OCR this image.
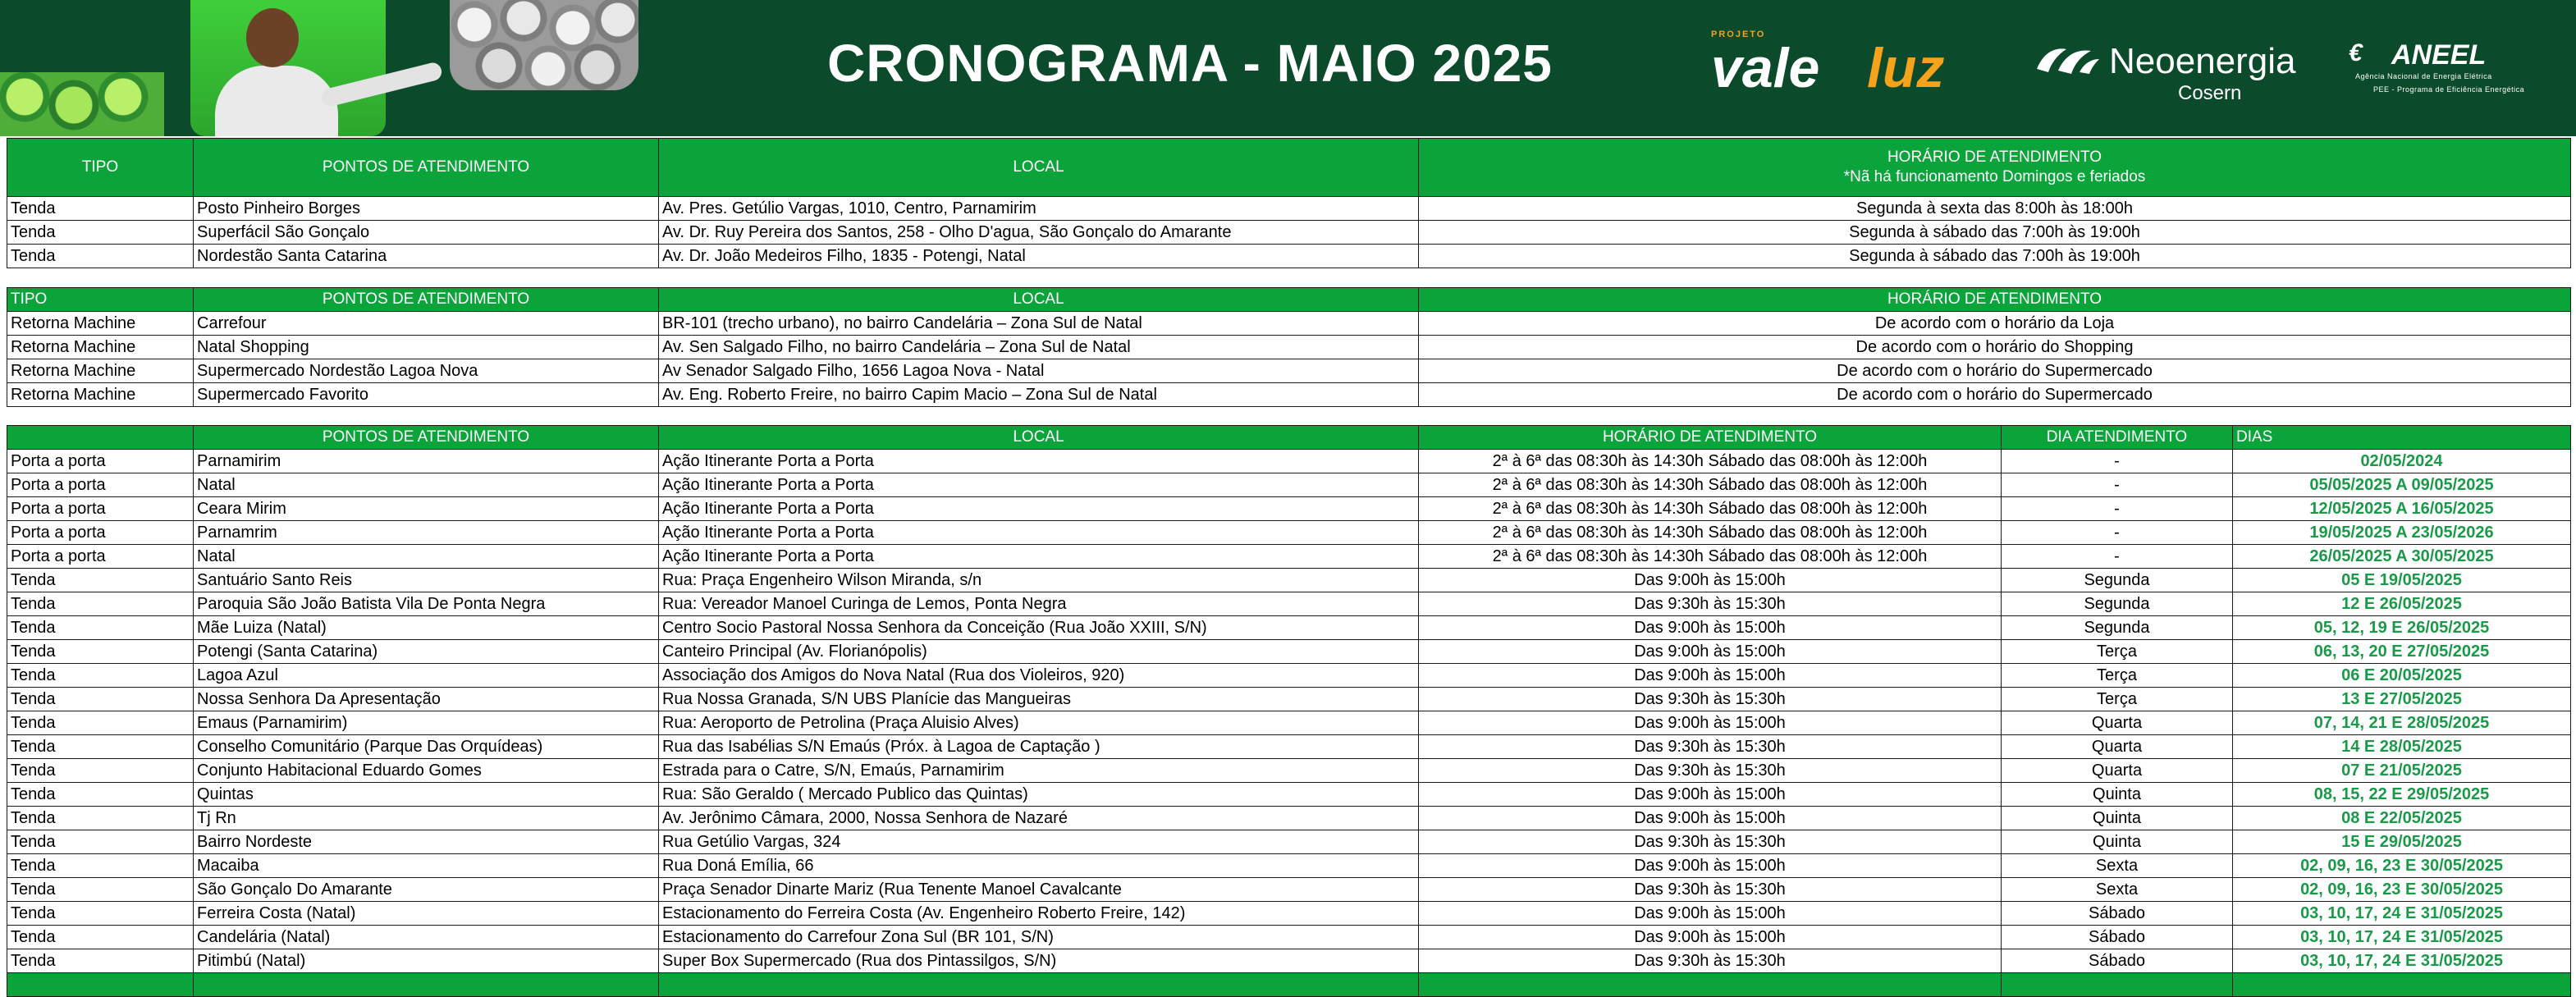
CRONOGRAMA - MAIO 2025	vale luz
PROJETO
Neoenergia
Cosern
€ ANEEL
Agência Nacional de Energia Elétrica
PEE - Programa de Eficiência Energética
TIPO	PONTOS DE ATENDIMENTO	LOCAL	HORÁRIO DE ATENDIMENTO
*Nã há funcionamento Domingos e feriados

Tenda	Posto Pinheiro Borges	Av. Pres. Getúlio Vargas, 1010, Centro, Parnamirim	Segunda à sexta das 8:00h às 18:00h
Tenda	Superfácil São Gonçalo	Av. Dr. Ruy Pereira dos Santos, 258 - Olho D'agua, São Gonçalo do Amarante	Segunda à sábado das 7:00h às 19:00h
Tenda	Nordestão Santa Catarina	Av. Dr. João Medeiros Filho, 1835 - Potengi, Natal	Segunda à sábado das 7:00h às 19:00h
TIPO	PONTOS DE ATENDIMENTO	LOCAL	HORÁRIO DE ATENDIMENTO
Retorna Machine	Carrefour	BR-101 (trecho urbano), no bairro Candelária – Zona Sul de Natal	De acordo com o horário da Loja
Retorna Machine	Natal Shopping	Av. Sen Salgado Filho, no bairro Candelária – Zona Sul de Natal	De acordo com o horário do Shopping
Retorna Machine	Supermercado Nordestão Lagoa Nova	Av Senador Salgado Filho, 1656 Lagoa Nova - Natal	De acordo com o horário do Supermercado
Retorna Machine	Supermercado Favorito	Av. Eng. Roberto Freire, no bairro Capim Macio – Zona Sul de Natal	De acordo com o horário do Supermercado
	PONTOS DE ATENDIMENTO	LOCAL	HORÁRIO DE ATENDIMENTO	DIA ATENDIMENTO	DIAS
Porta a porta	Parnamirim	Ação Itinerante Porta a Porta	2ª à 6ª das 08:30h às 14:30h Sábado das 08:00h às 12:00h	-	02/05/2024
Porta a porta	Natal	Ação Itinerante Porta a Porta	2ª à 6ª das 08:30h às 14:30h Sábado das 08:00h às 12:00h	-	05/05/2025 A 09/05/2025
Porta a porta	Ceara Mirim	Ação Itinerante Porta a Porta	2ª à 6ª das 08:30h às 14:30h Sábado das 08:00h às 12:00h	-	12/05/2025 A 16/05/2025
Porta a porta	Parnamrim	Ação Itinerante Porta a Porta	2ª à 6ª das 08:30h às 14:30h Sábado das 08:00h às 12:00h	-	19/05/2025 A 23/05/2026
Porta a porta	Natal	Ação Itinerante Porta a Porta	2ª à 6ª das 08:30h às 14:30h Sábado das 08:00h às 12:00h	-	26/05/2025 A 30/05/2025
Tenda	Santuário Santo Reis	Rua: Praça Engenheiro Wilson Miranda, s/n	Das 9:00h às 15:00h	Segunda	05 E 19/05/2025
Tenda	Paroquia São João Batista Vila De Ponta Negra	Rua: Vereador Manoel Curinga de Lemos, Ponta Negra	Das 9:30h às 15:30h	Segunda	12 E 26/05/2025
Tenda	Mãe Luiza (Natal)	Centro Socio Pastoral Nossa Senhora da Conceição (Rua João XXIII, S/N)	Das 9:00h às 15:00h	Segunda	05, 12, 19 E 26/05/2025
Tenda	Potengi (Santa Catarina)	Canteiro Principal (Av. Florianópolis)	Das 9:00h às 15:00h	Terça	06, 13, 20 E 27/05/2025
Tenda	Lagoa Azul	Associação dos Amigos do Nova Natal (Rua dos Violeiros, 920)	Das 9:00h às 15:00h	Terça	06 E 20/05/2025
Tenda	Nossa Senhora Da Apresentação	Rua Nossa Granada, S/N UBS Planície das Mangueiras	Das 9:30h às 15:30h	Terça	13 E 27/05/2025
Tenda	Emaus (Parnamirim)	Rua: Aeroporto de Petrolina (Praça Aluisio Alves)	Das 9:00h às 15:00h	Quarta	07, 14, 21 E 28/05/2025
Tenda	Conselho Comunitário (Parque Das Orquídeas)	Rua das Isabélias S/N Emaús (Próx. à Lagoa de Captação )	Das 9:30h às 15:30h	Quarta	14 E 28/05/2025
Tenda	Conjunto Habitacional Eduardo Gomes	Estrada para o Catre, S/N, Emaús, Parnamirim	Das 9:30h às 15:30h	Quarta	07 E 21/05/2025
Tenda	Quintas	Rua: São Geraldo ( Mercado Publico das Quintas)	Das 9:00h às 15:00h	Quinta	08, 15, 22 E 29/05/2025
Tenda	Tj Rn	Av. Jerônimo Câmara, 2000, Nossa Senhora de Nazaré	Das 9:00h às 15:00h	Quinta	08 E 22/05/2025
Tenda	Bairro Nordeste	Rua Getúlio Vargas, 324	Das 9:30h às 15:30h	Quinta	15 E 29/05/2025
Tenda	Macaiba	Rua Doná Emília, 66	Das 9:00h às 15:00h	Sexta	02, 09, 16, 23 E 30/05/2025
Tenda	São Gonçalo Do Amarante	Praça Senador Dinarte Mariz (Rua Tenente Manoel Cavalcante	Das 9:30h às 15:30h	Sexta	02, 09, 16, 23 E 30/05/2025
Tenda	Ferreira Costa (Natal)	Estacionamento do Ferreira Costa (Av. Engenheiro Roberto Freire, 142)	Das 9:00h às 15:00h	Sábado	03, 10, 17, 24 E 31/05/2025
Tenda	Candelária (Natal)	Estacionamento do Carrefour Zona Sul (BR 101, S/N)	Das 9:00h às 15:00h	Sábado	03, 10, 17, 24 E 31/05/2025
Tenda	Pitimbú (Natal)	Super Box Supermercado (Rua dos Pintassilgos, S/N)	Das 9:30h às 15:30h	Sábado	03, 10, 17, 24 E 31/05/2025
